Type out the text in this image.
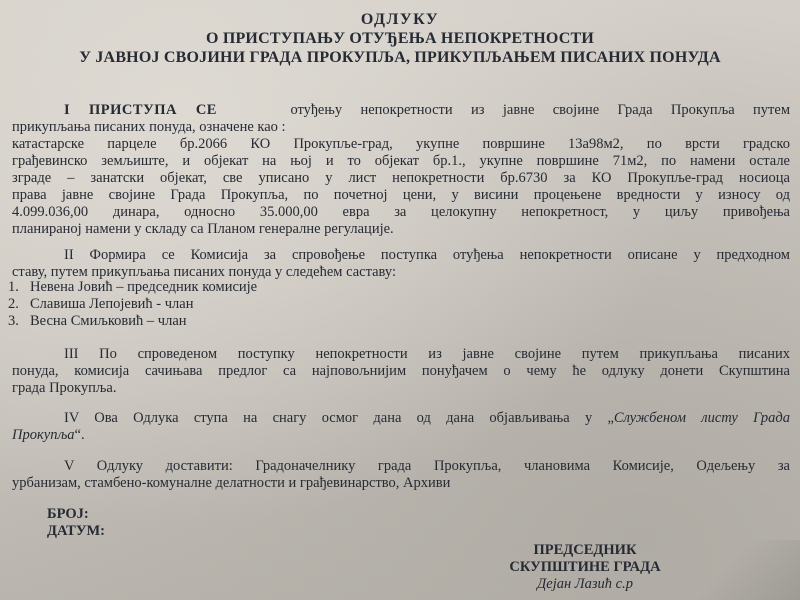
ОДЛУКУ
О ПРИСТУПАЊУ ОТУЂЕЊА НЕПОКРЕТНОСТИ
У ЈАВНОЈ СВОЈИНИ ГРАДА ПРОКУПЉА, ПРИКУПЉАЊЕМ ПИСАНИХ ПОНУДА
I ПРИСТУПА СЕ	отуђењу непокретности из јавне својине Града Прокупља путем
прикупљања писаних понуда, означене као :
катастарске парцеле бр.2066 КО Прокупље-град, укупне површине 13а98м2, по врсти градско
грађевинско земљиште, и објекат на њој и то објекат бр.1., укупне површине 71м2, по намени остале
зграде – занатски објекат, све уписано у лист непокретности бр.6730 за КО Прокупље-град носиоца
права јавне својине Града Прокупља, по почетној цени, у висини процењене вредности у износу од
4.099.036,00 динара, односно 35.000,00 евра за целокупну непокретност, у циљу привођења
планираној намени у складу са Планом генералне регулације.
II Формира се Комисија за спровођење поступка отуђења непокретности описане у предходном
ставу, путем прикупљања писаних понуда у следећем саставу:
1. Невена Јовић – председник комисије
2. Славиша Лепојевић - члан
3. Весна Смиљковић – члан
III По спроведеном поступку непокретности из јавне својине путем прикупљања писаних
понуда, комисија сачињава предлог са најповољнијим понуђачем о чему ће одлуку донети Скупштина
града Прокупља.
IV Ова Одлука ступа на снагу осмог дана од дана објављивања у „Службеном листу Града
Прокупља“.
V Одлуку доставити: Градоначелнику града Прокупља, члановима Комисије, Одељењу за
урбанизам, стамбено-комуналне делатности и грађевинарство, Архиви
БРОЈ:
ДАТУМ:
ПРЕДСЕДНИК
СКУПШТИНЕ ГРАДА
Дејан Лазић с.р
